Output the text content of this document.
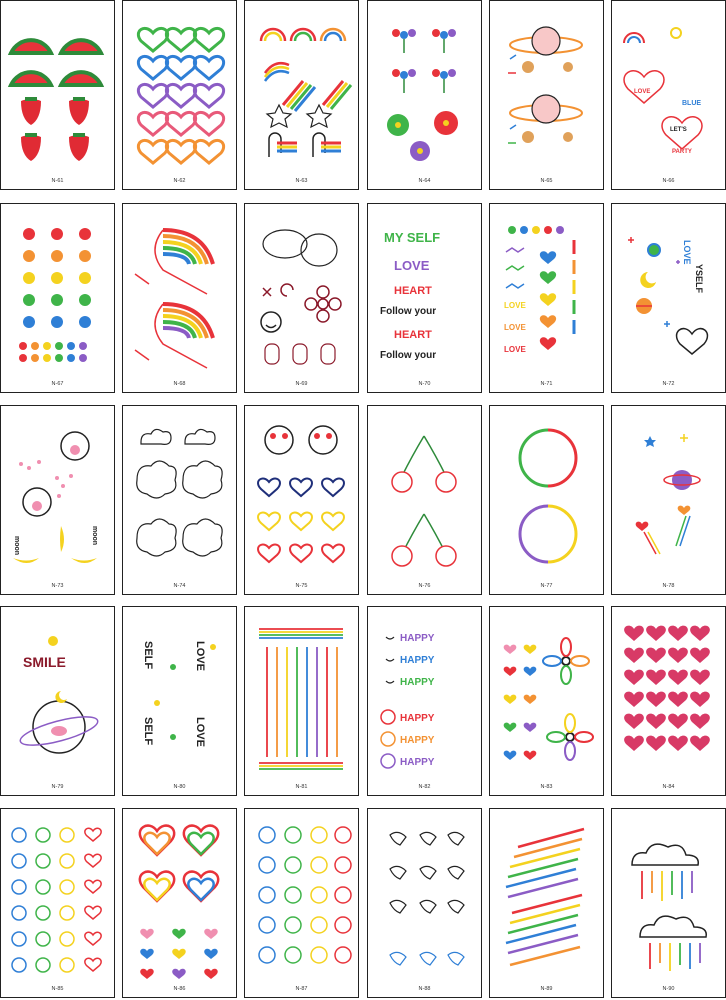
N-61	N-62	N-63	N-64	N-65
LOVE
BLUE
LET'S
PARTY
N-66
N-67	N-68	N-69
MY SELF
LOVE
HEART
Follow your
HEART
Follow your
N-70
LOVE
LOVE
LOVE
N-71
LOVE
YSELF
N-72
moon
moon
N-73	N-74	N-75	N-76	N-77	N-78
SMILE
N-79
SELF	LOVE
SELF	LOVE
N-80	N-81
HAPPY
HAPPY
HAPPY
HAPPY
HAPPY
HAPPY
N-82	N-83	N-84
N-85	N-86	N-87	N-88	N-89	N-90
